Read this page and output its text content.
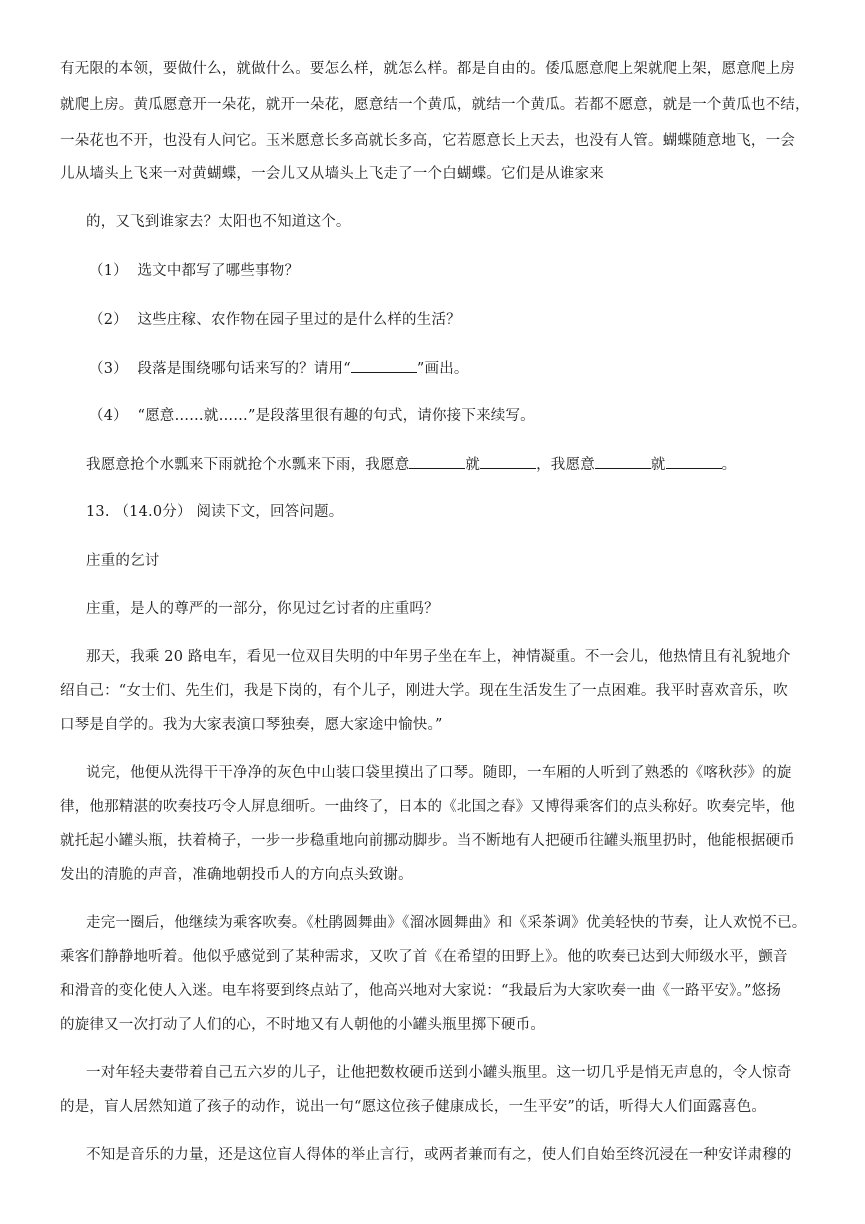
有无限的本领，要做什么，就做什么。要怎么样，就怎么样。都是自由的。倭瓜愿意爬上架就爬上架，愿意爬上房
就爬上房。黄瓜愿意开一朵花，就开一朵花，愿意结一个黄瓜，就结一个黄瓜。若都不愿意，就是一个黄瓜也不结，
一朵花也不开，也没有人问它。玉米愿意长多高就长多高，它若愿意长上天去，也没有人管。蝴蝶随意地飞，一会
儿从墙头上飞来一对黄蝴蝶，一会儿又从墙头上飞走了一个白蝴蝶。它们是从谁家来
的，又飞到谁家去？太阳也不知道这个。
（1） 选文中都写了哪些事物？
（2） 这些庄稼、农作物在园子里过的是什么样的生活？
（3） 段落是围绕哪句话来写的？请用“	”画出。
（4） “愿意……就……”是段落里很有趣的句式，请你接下来续写。
我愿意抢个水瓢来下雨就抢个水瓢来下雨，我愿意	就	，我愿意	就	。
13. （14.0分） 阅读下文，回答问题。
庄重的乞讨
庄重，是人的尊严的一部分，你见过乞讨者的庄重吗？
那天，我乘 20 路电车，看见一位双目失明的中年男子坐在车上，神情凝重。不一会儿，他热情且有礼貌地介
绍自己：“女士们、先生们，我是下岗的，有个儿子，刚进大学。现在生活发生了一点困难。我平时喜欢音乐，吹
口琴是自学的。我为大家表演口琴独奏，愿大家途中愉快。”
说完，他便从洗得干干净净的灰色中山装口袋里摸出了口琴。随即，一车厢的人听到了熟悉的《喀秋莎》的旋
律，他那精湛的吹奏技巧令人屏息细听。一曲终了，日本的《北国之春》又博得乘客们的点头称好。吹奏完毕，他
就托起小罐头瓶，扶着椅子，一步一步稳重地向前挪动脚步。当不断地有人把硬币往罐头瓶里扔时，他能根据硬币
发出的清脆的声音，准确地朝投币人的方向点头致谢。
走完一圈后，他继续为乘客吹奏。《杜鹃圆舞曲》《溜冰圆舞曲》和《采茶调》优美轻快的节奏，让人欢悦不已。
乘客们静静地听着。他似乎感觉到了某种需求，又吹了首《在希望的田野上》。他的吹奏已达到大师级水平，颤音
和滑音的变化使人入迷。电车将要到终点站了，他高兴地对大家说：“我最后为大家吹奏一曲《一路平安》。”悠扬
的旋律又一次打动了人们的心，不时地又有人朝他的小罐头瓶里掷下硬币。
一对年轻夫妻带着自己五六岁的儿子，让他把数枚硬币送到小罐头瓶里。这一切几乎是悄无声息的，令人惊奇
的是，盲人居然知道了孩子的动作，说出一句“愿这位孩子健康成长，一生平安”的话，听得大人们面露喜色。
不知是音乐的力量，还是这位盲人得体的举止言行，或两者兼而有之，使人们自始至终沉浸在一种安详肃穆的
